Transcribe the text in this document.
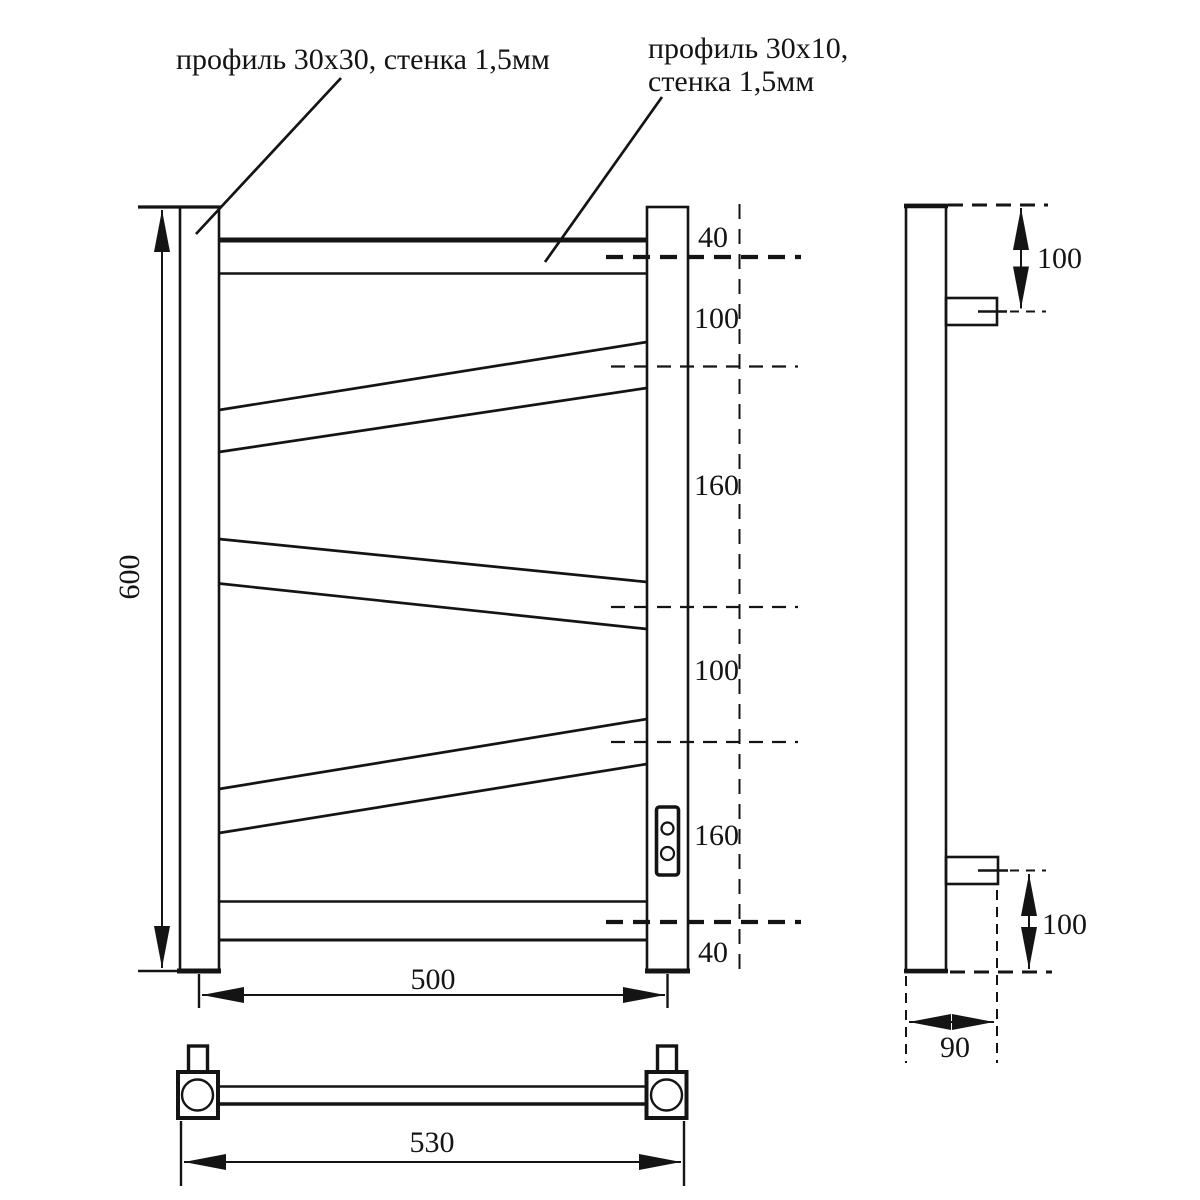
40
100
160
100
160
40
600
500
профиль 30x30, стенка 1,5мм	профиль 30x10,
стенка 1,5мм
100
100
90
530
